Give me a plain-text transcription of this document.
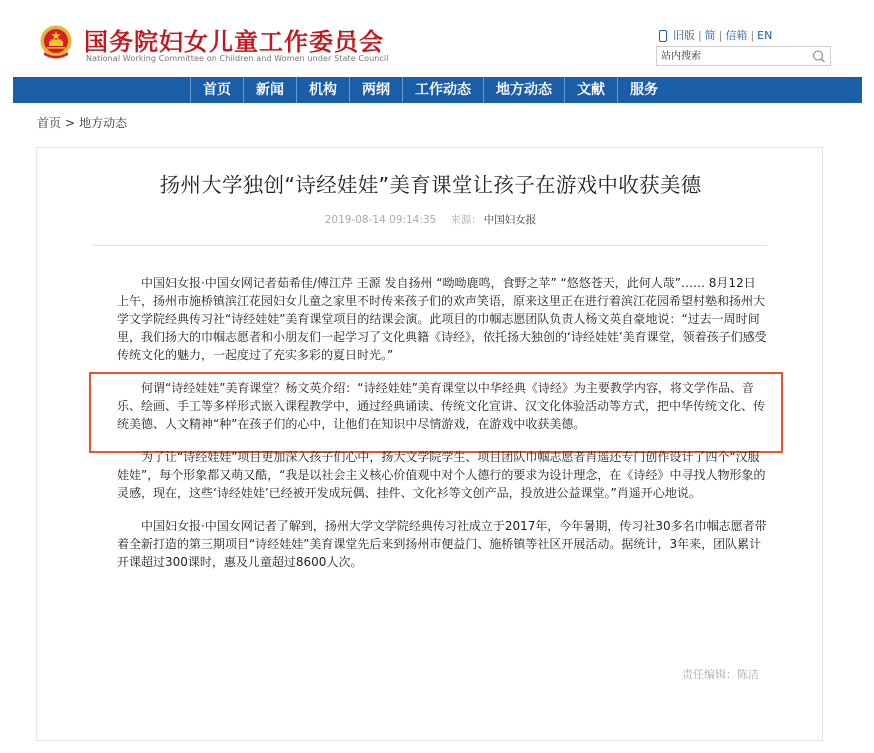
国务院妇女儿童工作委员会
National Working Committee on Children and Women under State Council
旧版 | 简 | 信箱 | EN
站内搜索
首页	新闻	机构	两纲	工作动态	地方动态	文献	服务
首页 > 地方动态
扬州大学独创“诗经娃娃”美育课堂让孩子在游戏中收获美德
2019-08-14 09:14:35 来源： 中国妇女报

中国妇女报·中国女网记者茹希佳/傅江芹 王源 发自扬州 “呦呦鹿鸣，食野之苹” “悠悠苍天，此何人哉”…… 8月12日上午，扬州市施桥镇滨江花园妇女儿童之家里不时传来孩子们的欢声笑语，原来这里正在进行着滨江花园希望村塾和扬州大学文学院经典传习社“诗经娃娃”美育课堂项目的结课会演。此项目的巾帼志愿团队负责人杨文英自豪地说：“过去一周时间里，我们扬大的巾帼志愿者和小朋友们一起学习了文化典籍《诗经》，依托扬大独创的‘诗经娃娃’美育课堂，领着孩子们感受传统文化的魅力，一起度过了充实多彩的夏日时光。”

何谓“诗经娃娃”美育课堂？杨文英介绍：“诗经娃娃”美育课堂以中华经典《诗经》为主要教学内容，将文学作品、音乐、绘画、手工等多样形式嵌入课程教学中，通过经典诵读、传统文化宣讲、汉文化体验活动等方式，把中华传统文化、传统美德、人文精神“种”在孩子们的心中，让他们在知识中尽情游戏，在游戏中收获美德。

为了让“诗经娃娃”项目更加深入孩子们心中，扬大文学院学生、项目团队巾帼志愿者肖遥还专门创作设计了四个“汉服娃娃”，每个形象都又萌又酷，“我是以社会主义核心价值观中对个人德行的要求为设计理念，在《诗经》中寻找人物形象的灵感，现在，这些‘诗经娃娃’已经被开发成玩偶、挂件、文化衫等文创产品，投放进公益课堂。”肖遥开心地说。

中国妇女报·中国女网记者了解到，扬州大学文学院经典传习社成立于2017年，今年暑期，传习社30多名巾帼志愿者带着全新打造的第三期项目“诗经娃娃”美育课堂先后来到扬州市便益门、施桥镇等社区开展活动。据统计，3年来，团队累计开课超过300课时，惠及儿童超过8600人次。

责任编辑：陈洁
